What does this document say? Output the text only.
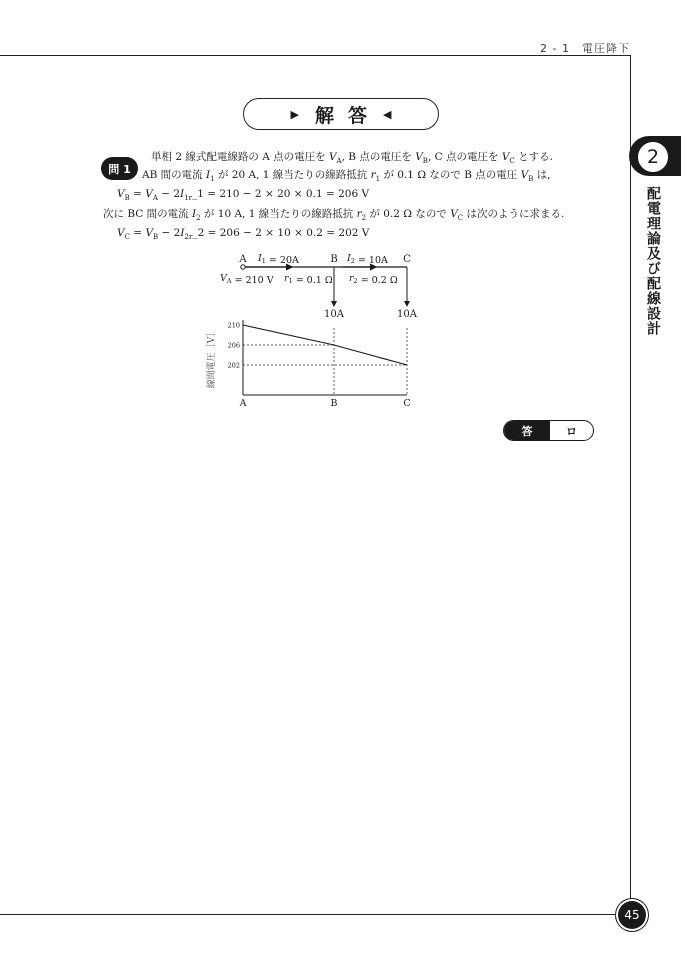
2 - 1　電圧降下
▶ 解答 ◀
2
配電理論及び配線設計
問 1
単相 2 線式配電線路の A 点の電圧を $V_A$, B 点の電圧を $V_B$, C 点の電圧を $V_C$ とする.
AB 間の電流 $I_1$ が 20 A, 1 線当たりの線路抵抗 $r_1$ が 0.1 Ω なので B 点の電圧 $V_B$ は,
$V_B = V_A$ − $2I_{1r}\_1 = 210 - 2 \times 20 \times 0.1 = 206$ V
次に BC 間の電流 $I_2$ が 10 A, 1 線当たりの線路抵抗 $r_2$ が 0.2 Ω なので $V_C$ は次のように求まる.
$V_C = V_B$ − $2I_{2r}\_2 = 206 - 2 \times 10 \times 0.2 = 202$ V
A	B	C
$I_1 = 20A$	$I_2 = 10A$
$V_A = 210$ V $r_1 = 0.1$ Ω $r_2 = 0.2$ Ω
10A	10A
210
206
202
A	B	C
線間電圧［V］
答	ロ
45
